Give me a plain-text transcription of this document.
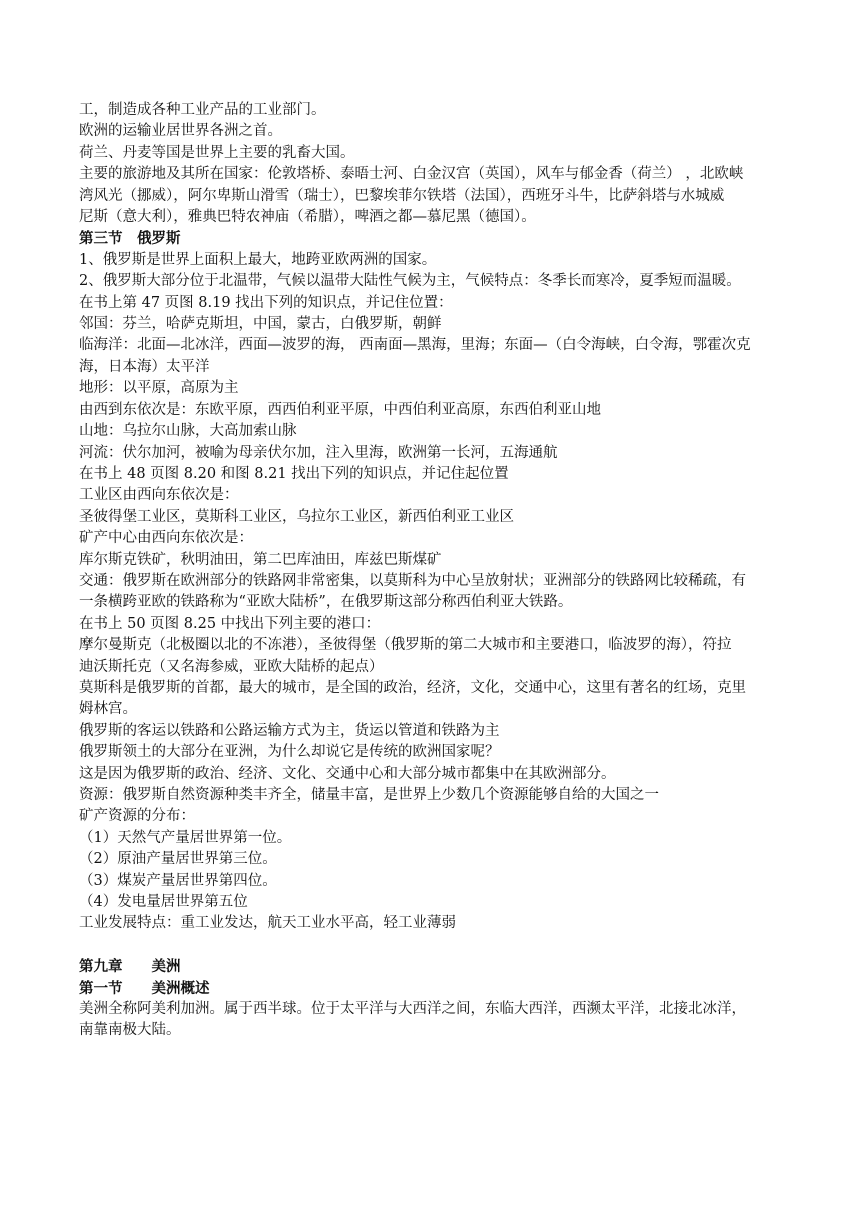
工，制造成各种工业产品的工业部门。
欧洲的运输业居世界各洲之首。
荷兰、丹麦等国是世界上主要的乳畜大国。
主要的旅游地及其所在国家：伦敦塔桥、泰晤士河、白金汉宫（英国），风车与郁金香（荷兰） ，北欧峡
湾风光（挪威），阿尔卑斯山滑雪（瑞士），巴黎埃菲尔铁塔（法国），西班牙斗牛，比萨斜塔与水城威
尼斯（意大利），雅典巴特农神庙（希腊），啤酒之都—慕尼黑（德国）。
第三节　俄罗斯
1、俄罗斯是世界上面积上最大，地跨亚欧两洲的国家。
2、俄罗斯大部分位于北温带，气候以温带大陆性气候为主，气候特点：冬季长而寒冷，夏季短而温暖。
在书上第 47 页图 8.19 找出下列的知识点，并记住位置：
邻国：芬兰，哈萨克斯坦，中国，蒙古，白俄罗斯，朝鲜
临海洋：北面—北冰洋，西面—波罗的海， 西南面—黑海，里海；东面—（白令海峡，白令海，鄂霍次克
海，日本海）太平洋
地形：以平原，高原为主
由西到东依次是：东欧平原，西西伯利亚平原，中西伯利亚高原，东西伯利亚山地
山地：乌拉尔山脉，大高加索山脉
河流：伏尔加河，被喻为母亲伏尔加，注入里海，欧洲第一长河，五海通航
在书上 48 页图 8.20 和图 8.21 找出下列的知识点，并记住起位置
工业区由西向东依次是：
圣彼得堡工业区，莫斯科工业区，乌拉尔工业区，新西伯利亚工业区
矿产中心由西向东依次是：
库尔斯克铁矿，秋明油田，第二巴库油田，库兹巴斯煤矿
交通：俄罗斯在欧洲部分的铁路网非常密集，以莫斯科为中心呈放射状；亚洲部分的铁路网比较稀疏，有
一条横跨亚欧的铁路称为“亚欧大陆桥”，在俄罗斯这部分称西伯利亚大铁路。
在书上 50 页图 8.25 中找出下列主要的港口：
摩尔曼斯克（北极圈以北的不冻港），圣彼得堡（俄罗斯的第二大城市和主要港口，临波罗的海），符拉
迪沃斯托克（又名海参威，亚欧大陆桥的起点）
莫斯科是俄罗斯的首都，最大的城市，是全国的政治，经济，文化，交通中心，这里有著名的红场，克里
姆林宫。
俄罗斯的客运以铁路和公路运输方式为主，货运以管道和铁路为主
俄罗斯领土的大部分在亚洲，为什么却说它是传统的欧洲国家呢？
这是因为俄罗斯的政治、经济、文化、交通中心和大部分城市都集中在其欧洲部分。
资源：俄罗斯自然资源种类丰齐全，储量丰富，是世界上少数几个资源能够自给的大国之一
矿产资源的分布：
（1）天然气产量居世界第一位。
（2）原油产量居世界第三位。
（3）煤炭产量居世界第四位。
（4）发电量居世界第五位
工业发展特点：重工业发达，航天工业水平高，轻工业薄弱
第九章　　美洲
第一节　　美洲概述
美洲全称阿美利加洲。属于西半球。位于太平洋与大西洋之间，东临大西洋，西濒太平洋，北接北冰洋，
南靠南极大陆。
